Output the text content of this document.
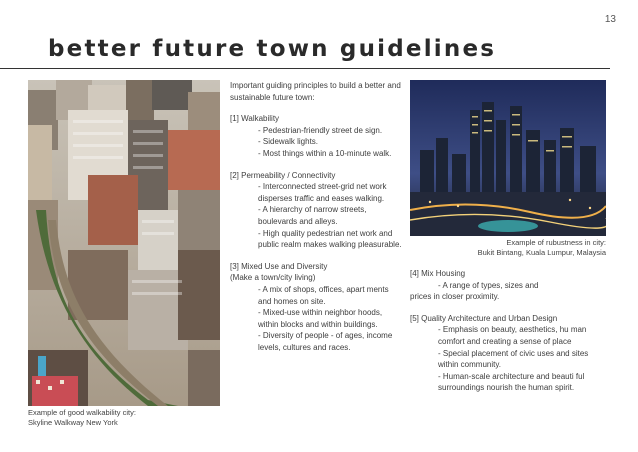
13
better future town guidelines
Example of good walkability city:
Skyline Walkway New York
Example of rubustness in city:
Bukit Bintang, Kuala Lumpur, Malaysia

Important guiding principles to build a better and sustainable future town:

[1] Walkability
- Pedestrian-friendly street de sign.
- Sidewalk lights.
- Most things within a 10-minute walk.
[2] Permeability / Connectivity
- Interconnected street-grid net work disperses traffic and eases walking.
- A hierarchy of narrow streets, boulevards and alleys.
- High quality pedestrian net work and public realm makes walking pleasurable.
[3] Mixed Use and Diversity
(Make a town/city living)
- A mix of shops, offices, apart ments and homes on site.
- Mixed-use within neighbor hoods, within blocks and within buildings.
- Diversity of people - of ages, income levels, cultures and races.
[4] Mix Housing
- A range of types, sizes and
prices in closer proximity.
[5] Quality Architecture and Urban Design
- Emphasis on beauty, aesthetics, hu man comfort and creating a sense of place
- Special placement of civic uses and sites within community.
- Human-scale architecture and beauti ful surroundings nourish the human spirit.
